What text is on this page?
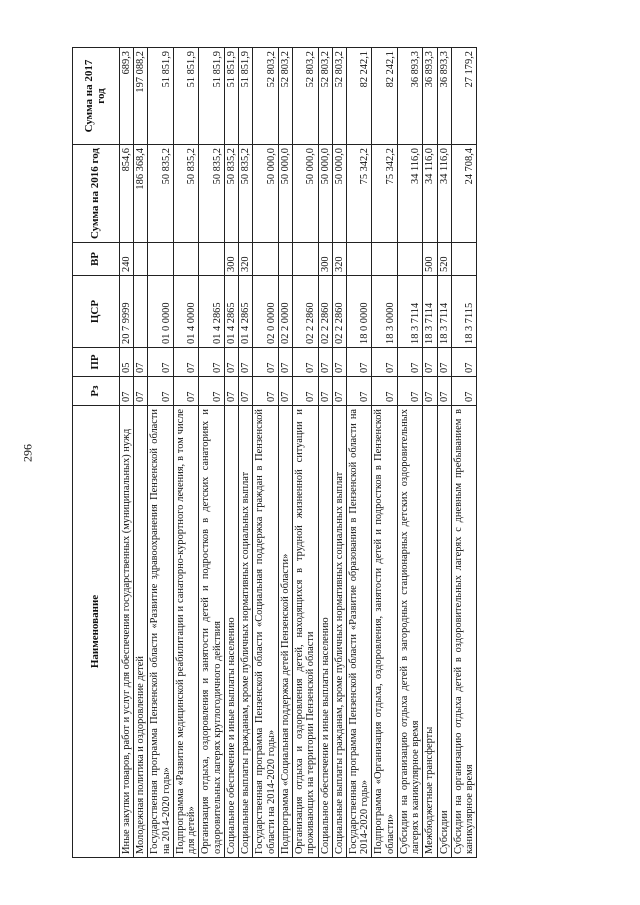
296
Наименование	Рз	ПР	ЦСР	ВР	Сумма на 2016 год	Сумма на 2017 год
Иные закупки товаров, работ и услуг для обеспечения государственных (муниципальных) нужд	07	05	20 7 9999	240	854,6	689,3
Молодежная политика и оздоровление детей	07	07			186 368,4	197 088,2
Государственная программа Пензенской области «Развитие здравоохранения Пензенской области на 2014-2020 годы»	07	07	01 0 0000		50 835,2	51 851,9
Подпрограмма «Развитие медицинской реабилитации и санаторно-курортного лечения, в том числе для детей»	07	07	01 4 0000		50 835,2	51 851,9
Организация отдыха, оздоровления и занятости детей и подростков в детских санаториях и оздоровительных лагерях круглогодичного действия	07	07	01 4 2865		50 835,2	51 851,9
Социальное обеспечение и иные выплаты населению	07	07	01 4 2865	300	50 835,2	51 851,9
Социальные выплаты гражданам, кроме публичных нормативных социальных выплат	07	07	01 4 2865	320	50 835,2	51 851,9
Государственная программа Пензенской области «Социальная поддержка граждан в Пензенской области на 2014-2020 годы»	07	07	02 0 0000		50 000,0	52 803,2
Подпрограмма «Социальная поддержка детей Пензенской области»	07	07	02 2 0000		50 000,0	52 803,2
Организация отдыха и оздоровления детей, находящихся в трудной жизненной ситуации и проживающих на территории Пензенской области	07	07	02 2 2860		50 000,0	52 803,2
Социальное обеспечение и иные выплаты населению	07	07	02 2 2860	300	50 000,0	52 803,2
Социальные выплаты гражданам, кроме публичных нормативных социальных выплат	07	07	02 2 2860	320	50 000,0	52 803,2
Государственная программа Пензенской области «Развитие образования в Пензенской области на 2014-2020 годы»	07	07	18 0 0000		75 342,2	82 242,1
Подпрограмма «Организация отдыха, оздоровления, занятости детей и подростков в Пензенской области»	07	07	18 3 0000		75 342,2	82 242,1
Субсидии на организацию отдыха детей в загородных стационарных детских оздоровительных лагерях в каникулярное время	07	07	18 3 7114		34 116,0	36 893,3
Межбюджетные трансферты	07	07	18 3 7114	500	34 116,0	36 893,3
Субсидии	07	07	18 3 7114	520	34 116,0	36 893,3
Субсидии на организацию отдыха детей в оздоровительных лагерях с дневным пребыванием в каникулярное время	07	07	18 3 7115		24 708,4	27 179,2
